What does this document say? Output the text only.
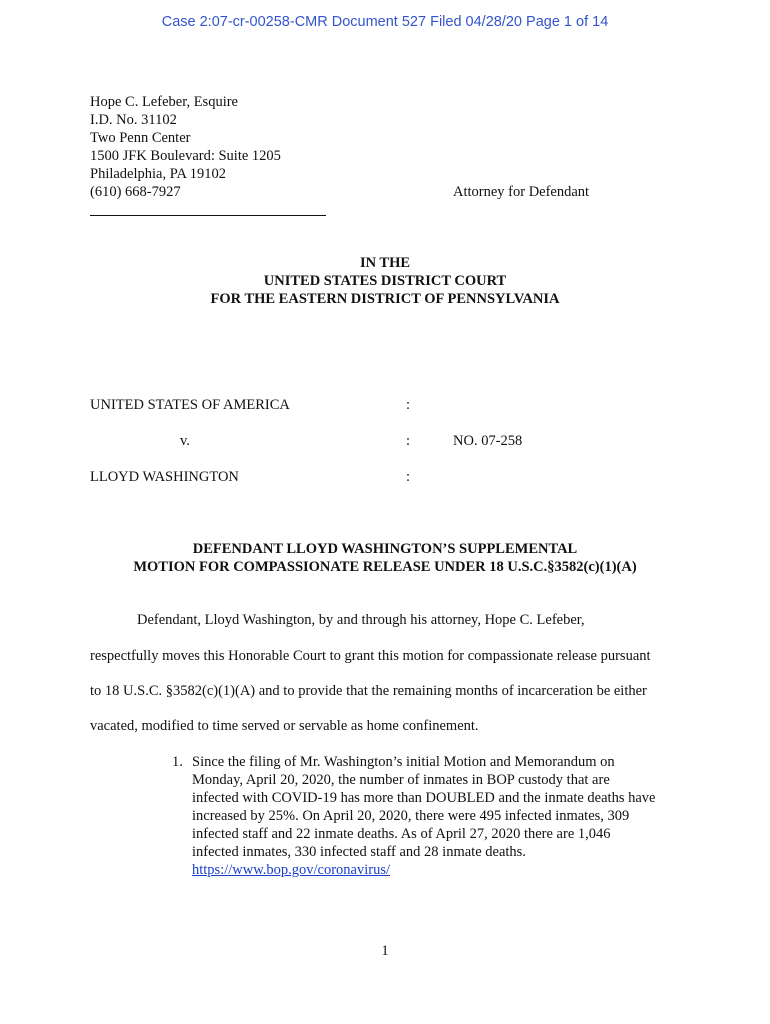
Case 2:07-cr-00258-CMR Document 527 Filed 04/28/20 Page 1 of 14
Hope C. Lefeber, Esquire
I.D. No. 31102
Two Penn Center
1500 JFK Boulevard: Suite 1205
Philadelphia, PA 19102
(610) 668-7927	Attorney for Defendant
IN THE
UNITED STATES DISTRICT COURT
FOR THE EASTERN DISTRICT OF PENNSYLVANIA
UNITED STATES OF AMERICA	:
v.	:	NO. 07-258
LLOYD WASHINGTON	:
DEFENDANT LLOYD WASHINGTON’S SUPPLEMENTAL
MOTION FOR COMPASSIONATE RELEASE UNDER 18 U.S.C.§3582(c)(1)(A)
Defendant, Lloyd Washington, by and through his attorney, Hope C. Lefeber,
respectfully moves this Honorable Court to grant this motion for compassionate release pursuant
to 18 U.S.C. §3582(c)(1)(A) and to provide that the remaining months of incarceration be either
vacated, modified to time served or servable as home confinement.
1. Since the filing of Mr. Washington’s initial Motion and Memorandum on
Monday, April 20, 2020, the number of inmates in BOP custody that are
infected with COVID-19 has more than DOUBLED and the inmate deaths have
increased by 25%. On April 20, 2020, there were 495 infected inmates, 309
infected staff and 22 inmate deaths. As of April 27, 2020 there are 1,046
infected inmates, 330 infected staff and 28 inmate deaths.
https://www.bop.gov/coronavirus/
1
